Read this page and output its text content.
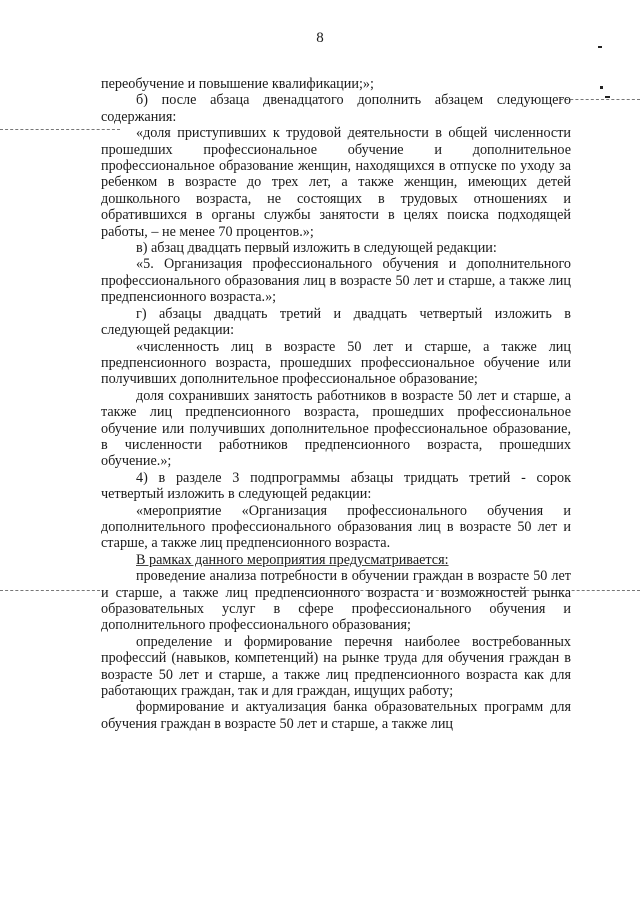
8

переобучение и повышение квалификации;»;

б) после абзаца двенадцатого дополнить абзацем следующего содержания:

«доля приступивших к трудовой деятельности в общей численности прошедших профессиональное обучение и дополнительное профессиональное образование женщин, находящихся в отпуске по уходу за ребенком в возрасте до трех лет, а также женщин, имеющих детей дошкольного возраста, не состоящих в трудовых отношениях и обратившихся в органы службы занятости в целях поиска подходящей работы, – не менее 70 процентов.»;

в) абзац двадцать первый изложить в следующей редакции:

«5. Организация профессионального обучения и дополнительного профессионального образования лиц в возрасте 50 лет и старше, а также лиц предпенсионного возраста.»;

г) абзацы двадцать третий и двадцать четвертый изложить в следующей редакции:

«численность лиц в возрасте 50 лет и старше, а также лиц предпенсионного возраста, прошедших профессиональное обучение или получивших дополнительное профессиональное образование;

доля сохранивших занятость работников в возрасте 50 лет и старше, а также лиц предпенсионного возраста, прошедших профессиональное обучение или получивших дополнительное профессиональное образование, в численности работников предпенсионного возраста, прошедших обучение.»;

4) в разделе 3 подпрограммы абзацы тридцать третий - сорок четвертый изложить в следующей редакции:

«мероприятие «Организация профессионального обучения и дополнительного профессионального образования лиц в возрасте 50 лет и старше, а также лиц предпенсионного возраста.

В рамках данного мероприятия предусматривается:

проведение анализа потребности в обучении граждан в возрасте 50 лет и старше, а также лиц предпенсионного возраста и возможностей рынка образовательных услуг в сфере профессионального обучения и дополнительного профессионального образования;

определение и формирование перечня наиболее востребованных профессий (навыков, компетенций) на рынке труда для обучения граждан в возрасте 50 лет и старше, а также лиц предпенсионного возраста как для работающих граждан, так и для граждан, ищущих работу;

формирование и актуализация банка образовательных программ для обучения граждан в возрасте 50 лет и старше, а также лиц
